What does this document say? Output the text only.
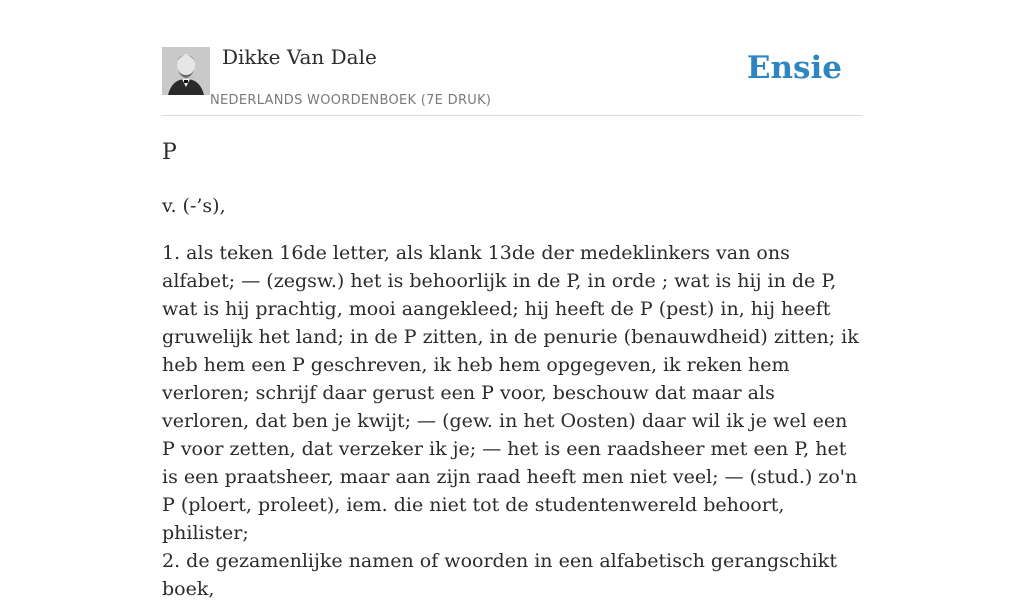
Dikke Van Dale
NEDERLANDS WOORDENBOEK (7E DRUK)
Ensie
P

v. (-’s),

1. als teken 16de letter, als klank 13de der medeklinkers van ons alfabet; — (zegsw.) het is behoorlijk in de P, in orde ; wat is hij in de P, wat is hij prachtig, mooi aangekleed; hij heeft de P (pest) in, hij heeft gruwelijk het land; in de P zitten, in de penurie (benauwdheid) zitten; ik heb hem een P geschreven, ik heb hem opgegeven, ik reken hem verloren; schrijf daar gerust een P voor, beschouw dat maar als verloren, dat ben je kwijt; — (gew. in het Oosten) daar wil ik je wel een P voor zetten, dat verzeker ik je; — het is een raadsheer met een P, het is een praatsheer, maar aan zijn raad heeft men niet veel; — (stud.) zo'n P (ploert, proleet), iem. die niet tot de studentenwereld behoort, philister;

2. de gezamenlijke namen of woorden in een alfabetisch gerangschikt boek,
